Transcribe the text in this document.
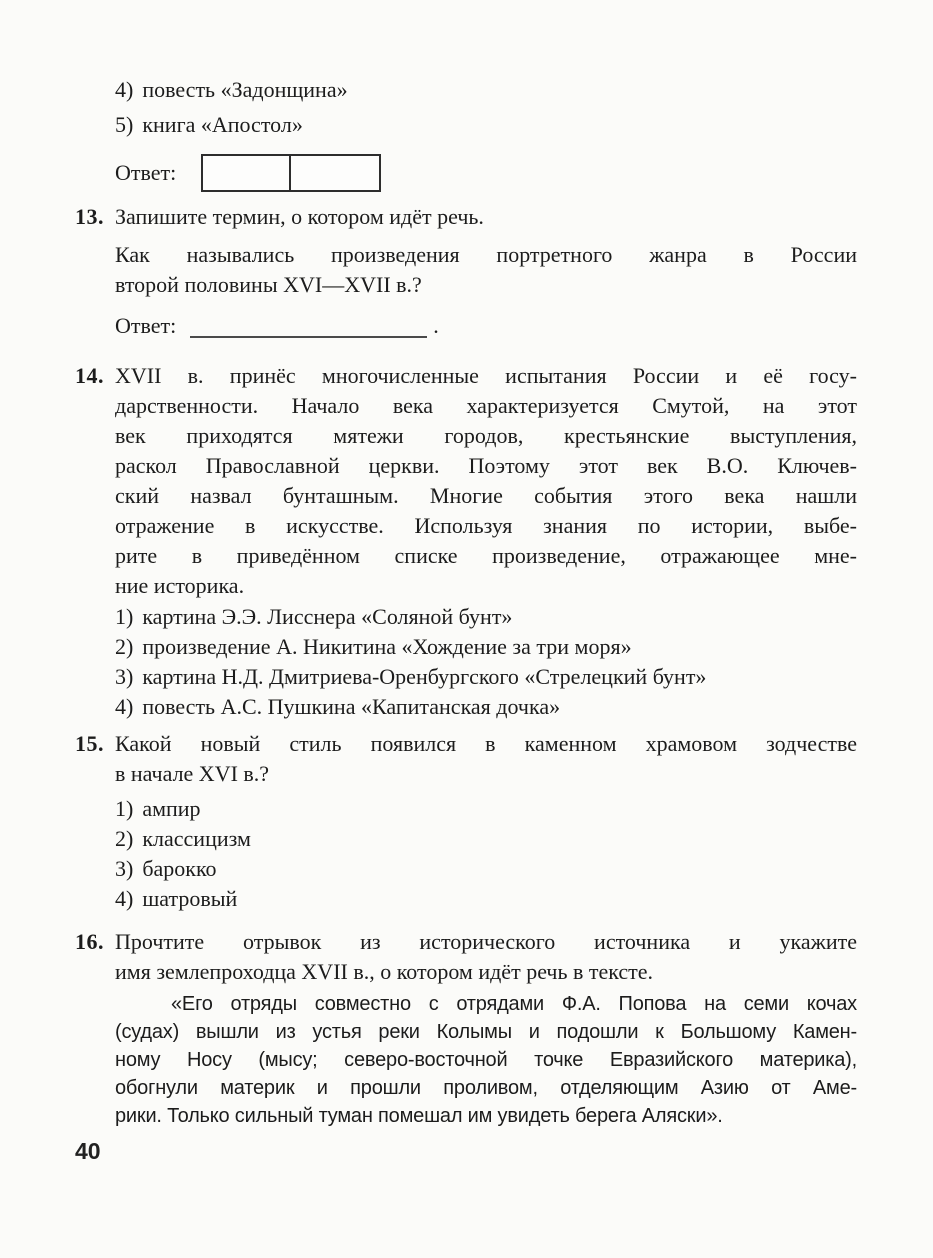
4) повесть «Задонщина»
5) книга «Апостол»
Ответ:
13. Запишите термин, о котором идёт речь.
Как назывались произведения портретного жанра в России
второй половины XVI—XVII в.?
Ответ:	.
14. XVII в. принёс многочисленные испытания России и её госу-
дарственности. Начало века характеризуется Смутой, на этот
век приходятся мятежи городов, крестьянские выступления,
раскол Православной церкви. Поэтому этот век В.О. Ключев-
ский назвал бунташным. Многие события этого века нашли
отражение в искусстве. Используя знания по истории, выбе-
рите в приведённом списке произведение, отражающее мне-
ние историка.
1) картина Э.Э. Лисснера «Соляной бунт»
2) произведение А. Никитина «Хождение за три моря»
3) картина Н.Д. Дмитриева-Оренбургского «Стрелецкий бунт»
4) повесть А.С. Пушкина «Капитанская дочка»
15. Какой новый стиль появился в каменном храмовом зодчестве
в начале XVI в.?
1) ампир
2) классицизм
3) барокко
4) шатровый
16. Прочтите отрывок из исторического источника и укажите
имя землепроходца XVII в., о котором идёт речь в тексте.
«Его отряды совместно с отрядами Ф.А. Попова на семи кочах
(судах) вышли из устья реки Колымы и подошли к Большому Камен-
ному Носу (мысу; северо-восточной точке Евразийского материка),
обогнули материк и прошли проливом, отделяющим Азию от Аме-
рики. Только сильный туман помешал им увидеть берега Аляски».
40
